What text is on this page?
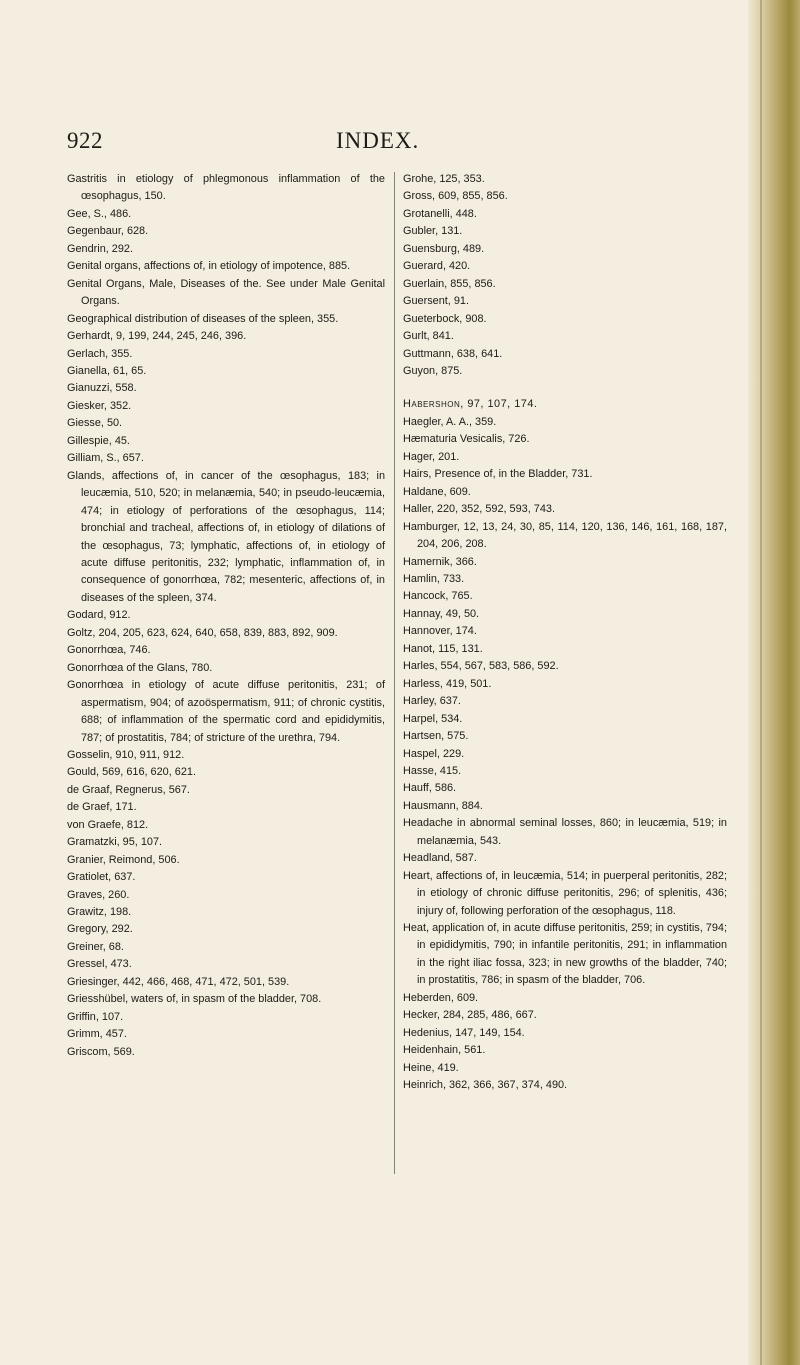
922	INDEX.
Gastritis in etiology of phlegmonous inflammation of the œsophagus, 150.
Gee, S., 486.
Gegenbaur, 628.
Gendrin, 292.
Genital organs, affections of, in etiology of impotence, 885.
Genital Organs, Male, Diseases of the. See under Male Genital Organs.
Geographical distribution of diseases of the spleen, 355.
Gerhardt, 9, 199, 244, 245, 246, 396.
Gerlach, 355.
Gianella, 61, 65.
Gianuzzi, 558.
Giesker, 352.
Giesse, 50.
Gillespie, 45.
Gilliam, S., 657.
Glands, affections of, in cancer of the œsophagus, 183; in leucæmia, 510, 520; in melanæmia, 540; in pseudo-leucæmia, 474; in etiology of perforations of the œsophagus, 114; bronchial and tracheal, affections of, in etiology of dilations of the œsophagus, 73; lymphatic, affections of, in etiology of acute diffuse peritonitis, 232; lymphatic, inflammation of, in consequence of gonorrhœa, 782; mesenteric, affections of, in diseases of the spleen, 374.
Godard, 912.
Goltz, 204, 205, 623, 624, 640, 658, 839, 883, 892, 909.
Gonorrhœa, 746.
Gonorrhœa of the Glans, 780.
Gonorrhœa in etiology of acute diffuse peritonitis, 231; of aspermatism, 904; of azoöspermatism, 911; of chronic cystitis, 688; of inflammation of the spermatic cord and epididymitis, 787; of prostatitis, 784; of stricture of the urethra, 794.
Gosselin, 910, 911, 912.
Gould, 569, 616, 620, 621.
de Graaf, Regnerus, 567.
de Graef, 171.
von Graefe, 812.
Gramatzki, 95, 107.
Granier, Reimond, 506.
Gratiolet, 637.
Graves, 260.
Grawitz, 198.
Gregory, 292.
Greiner, 68.
Gressel, 473.
Griesinger, 442, 466, 468, 471, 472, 501, 539.
Griesshübel, waters of, in spasm of the bladder, 708.
Griffin, 107.
Grimm, 457.
Griscom, 569.
Grohe, 125, 353.
Gross, 609, 855, 856.
Grotanelli, 448.
Gubler, 131.
Guensburg, 489.
Guerard, 420.
Guerlain, 855, 856.
Guersent, 91.
Gueterbock, 908.
Gurlt, 841.
Guttmann, 638, 641.
Guyon, 875.
Habershon, 97, 107, 174.
Haegler, A. A., 359.
Hæmaturia Vesicalis, 726.
Hager, 201.
Hairs, Presence of, in the Bladder, 731.
Haldane, 609.
Haller, 220, 352, 592, 593, 743.
Hamburger, 12, 13, 24, 30, 85, 114, 120, 136, 146, 161, 168, 187, 204, 206, 208.
Hamernik, 366.
Hamlin, 733.
Hancock, 765.
Hannay, 49, 50.
Hannover, 174.
Hanot, 115, 131.
Harles, 554, 567, 583, 586, 592.
Harless, 419, 501.
Harley, 637.
Harpel, 534.
Hartsen, 575.
Haspel, 229.
Hasse, 415.
Hauff, 586.
Hausmann, 884.
Headache in abnormal seminal losses, 860; in leucæmia, 519; in melanæmia, 543.
Headland, 587.
Heart, affections of, in leucæmia, 514; in puerperal peritonitis, 282; in etiology of chronic diffuse peritonitis, 296; of splenitis, 436; injury of, following perforation of the œsophagus, 118.
Heat, application of, in acute diffuse peritonitis, 259; in cystitis, 794; in epididymitis, 790; in infantile peritonitis, 291; in inflammation in the right iliac fossa, 323; in new growths of the bladder, 740; in prostatitis, 786; in spasm of the bladder, 706.
Heberden, 609.
Hecker, 284, 285, 486, 667.
Hedenius, 147, 149, 154.
Heidenhain, 561.
Heine, 419.
Heinrich, 362, 366, 367, 374, 490.
